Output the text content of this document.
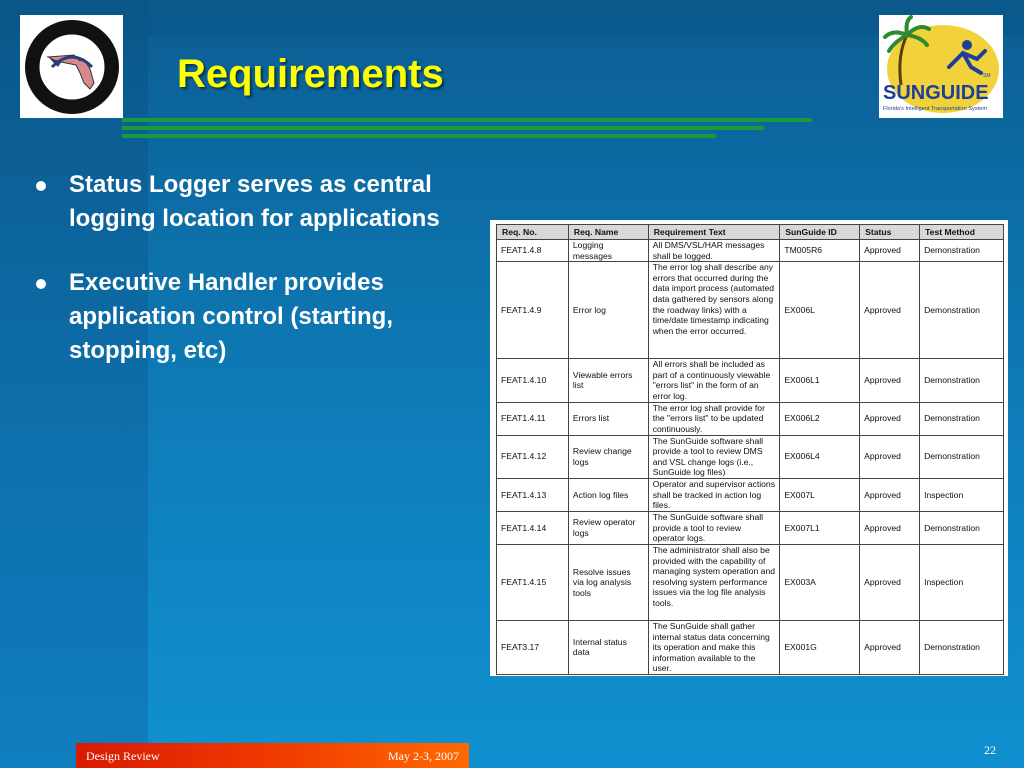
SUNGUIDE
SM
Florida's Intelligent Transportation System
Requirements
Status Logger serves as central logging location for applications
Executive Handler provides application control (starting, stopping, etc)
Req. No.	Req. Name	Requirement Text	SunGuide ID	Status	Test Method
FEAT1.4.8	Logging messages	All DMS/VSL/HAR messages shall be logged.	TM005R6	Approved	Demonstration
FEAT1.4.9	Error log	The error log shall describe any errors that occurred during the data import process (automated data gathered by sensors along the roadway links) with a time/date timestamp indicating when the error occurred.	EX006L	Approved	Demonstration
FEAT1.4.10	Viewable errors list	All errors shall be included as part of a continuously viewable "errors list" in the form of an error log.	EX006L1	Approved	Demonstration
FEAT1.4.11	Errors list	The error log shall provide for the "errors list" to be updated continuously.	EX006L2	Approved	Demonstration
FEAT1.4.12	Review change logs	The SunGuide software shall provide a tool to review DMS and VSL change logs (i.e., SunGuide log files)	EX006L4	Approved	Demonstration
FEAT1.4.13	Action log files	Operator and supervisor actions shall be tracked in action log files.	EX007L	Approved	Inspection
FEAT1.4.14	Review operator logs	The SunGuide software shall provide a tool to review operator logs.	EX007L1	Approved	Demonstration
FEAT1.4.15	Resolve issues via log analysis tools	The administrator shall also be provided with the capability of managing system operation and resolving system performance issues via the log file analysis tools.	EX003A	Approved	Inspection
FEAT3.17	Internal status data	The SunGuide shall gather internal status data concerning its operation and make this information available to the user.	EX001G	Approved	Demonstration
Design Review	May 2-3, 2007	22
